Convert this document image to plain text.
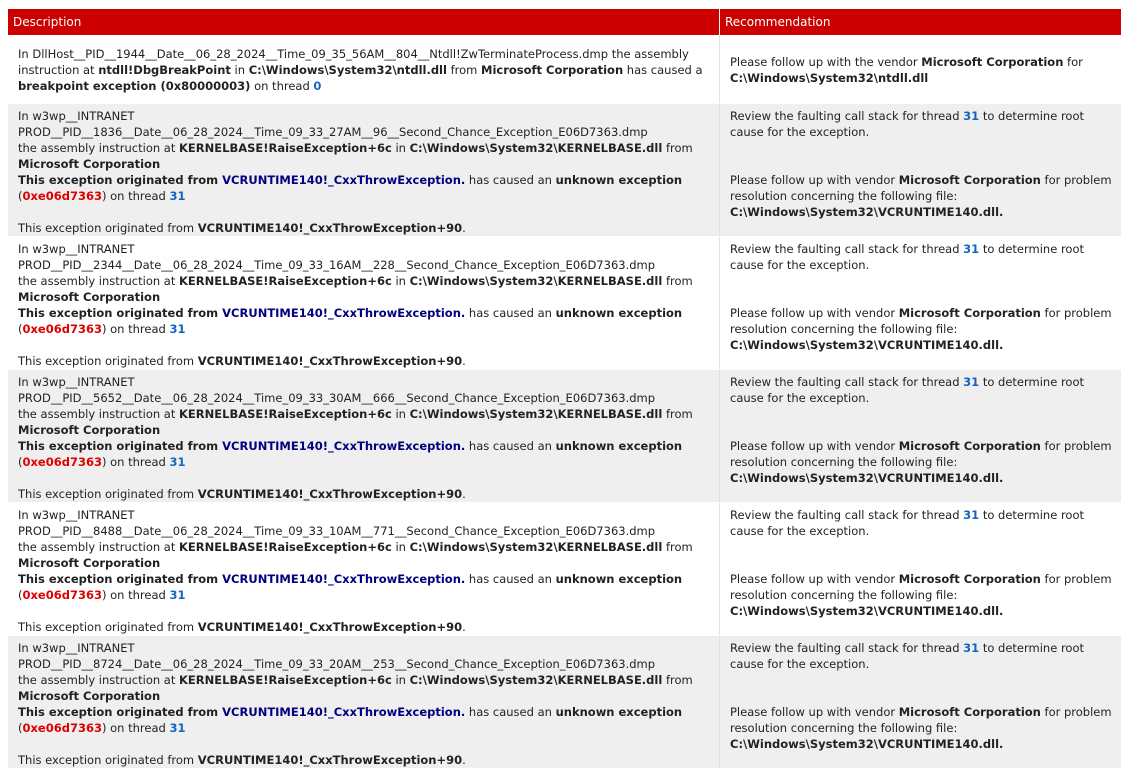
Description	Recommendation
In DllHost__PID__1944__Date__06_28_2024__Time_09_35_56AM__804__Ntdll!ZwTerminateProcess.dmp the assembly instruction at ntdll!DbgBreakPoint in C:\Windows\System32\ntdll.dll from Microsoft Corporation has caused a breakpoint exception (0x80000003) on thread 0
Please follow up with the vendor Microsoft Corporation for C:\Windows\System32\ntdll.dll
In w3wp__INTRANET PROD__PID__1836__Date__06_28_2024__Time_09_33_27AM__96__Second_Chance_Exception_E06D7363.dmp
the assembly instruction at KERNELBASE!RaiseException+6c in C:\Windows\System32\KERNELBASE.dll from Microsoft Corporation
This exception originated from VCRUNTIME140!_CxxThrowException. has caused an unknown exception (0xe06d7363) on thread 31
This exception originated from VCRUNTIME140!_CxxThrowException+90.
Review the faulting call stack for thread 31 to determine root cause for the exception.
Please follow up with vendor Microsoft Corporation for problem resolution concerning the following file: C:\Windows\System32\VCRUNTIME140.dll.
In w3wp__INTRANET PROD__PID__2344__Date__06_28_2024__Time_09_33_16AM__228__Second_Chance_Exception_E06D7363.dmp
the assembly instruction at KERNELBASE!RaiseException+6c in C:\Windows\System32\KERNELBASE.dll from Microsoft Corporation
This exception originated from VCRUNTIME140!_CxxThrowException. has caused an unknown exception (0xe06d7363) on thread 31
This exception originated from VCRUNTIME140!_CxxThrowException+90.
Review the faulting call stack for thread 31 to determine root cause for the exception.
Please follow up with vendor Microsoft Corporation for problem resolution concerning the following file: C:\Windows\System32\VCRUNTIME140.dll.
In w3wp__INTRANET PROD__PID__5652__Date__06_28_2024__Time_09_33_30AM__666__Second_Chance_Exception_E06D7363.dmp
the assembly instruction at KERNELBASE!RaiseException+6c in C:\Windows\System32\KERNELBASE.dll from Microsoft Corporation
This exception originated from VCRUNTIME140!_CxxThrowException. has caused an unknown exception (0xe06d7363) on thread 31
This exception originated from VCRUNTIME140!_CxxThrowException+90.
Review the faulting call stack for thread 31 to determine root cause for the exception.
Please follow up with vendor Microsoft Corporation for problem resolution concerning the following file: C:\Windows\System32\VCRUNTIME140.dll.
In w3wp__INTRANET PROD__PID__8488__Date__06_28_2024__Time_09_33_10AM__771__Second_Chance_Exception_E06D7363.dmp
the assembly instruction at KERNELBASE!RaiseException+6c in C:\Windows\System32\KERNELBASE.dll from Microsoft Corporation
This exception originated from VCRUNTIME140!_CxxThrowException. has caused an unknown exception (0xe06d7363) on thread 31
This exception originated from VCRUNTIME140!_CxxThrowException+90.
Review the faulting call stack for thread 31 to determine root cause for the exception.
Please follow up with vendor Microsoft Corporation for problem resolution concerning the following file: C:\Windows\System32\VCRUNTIME140.dll.
In w3wp__INTRANET PROD__PID__8724__Date__06_28_2024__Time_09_33_20AM__253__Second_Chance_Exception_E06D7363.dmp
the assembly instruction at KERNELBASE!RaiseException+6c in C:\Windows\System32\KERNELBASE.dll from Microsoft Corporation
This exception originated from VCRUNTIME140!_CxxThrowException. has caused an unknown exception (0xe06d7363) on thread 31
This exception originated from VCRUNTIME140!_CxxThrowException+90.
Review the faulting call stack for thread 31 to determine root cause for the exception.
Please follow up with vendor Microsoft Corporation for problem resolution concerning the following file: C:\Windows\System32\VCRUNTIME140.dll.
